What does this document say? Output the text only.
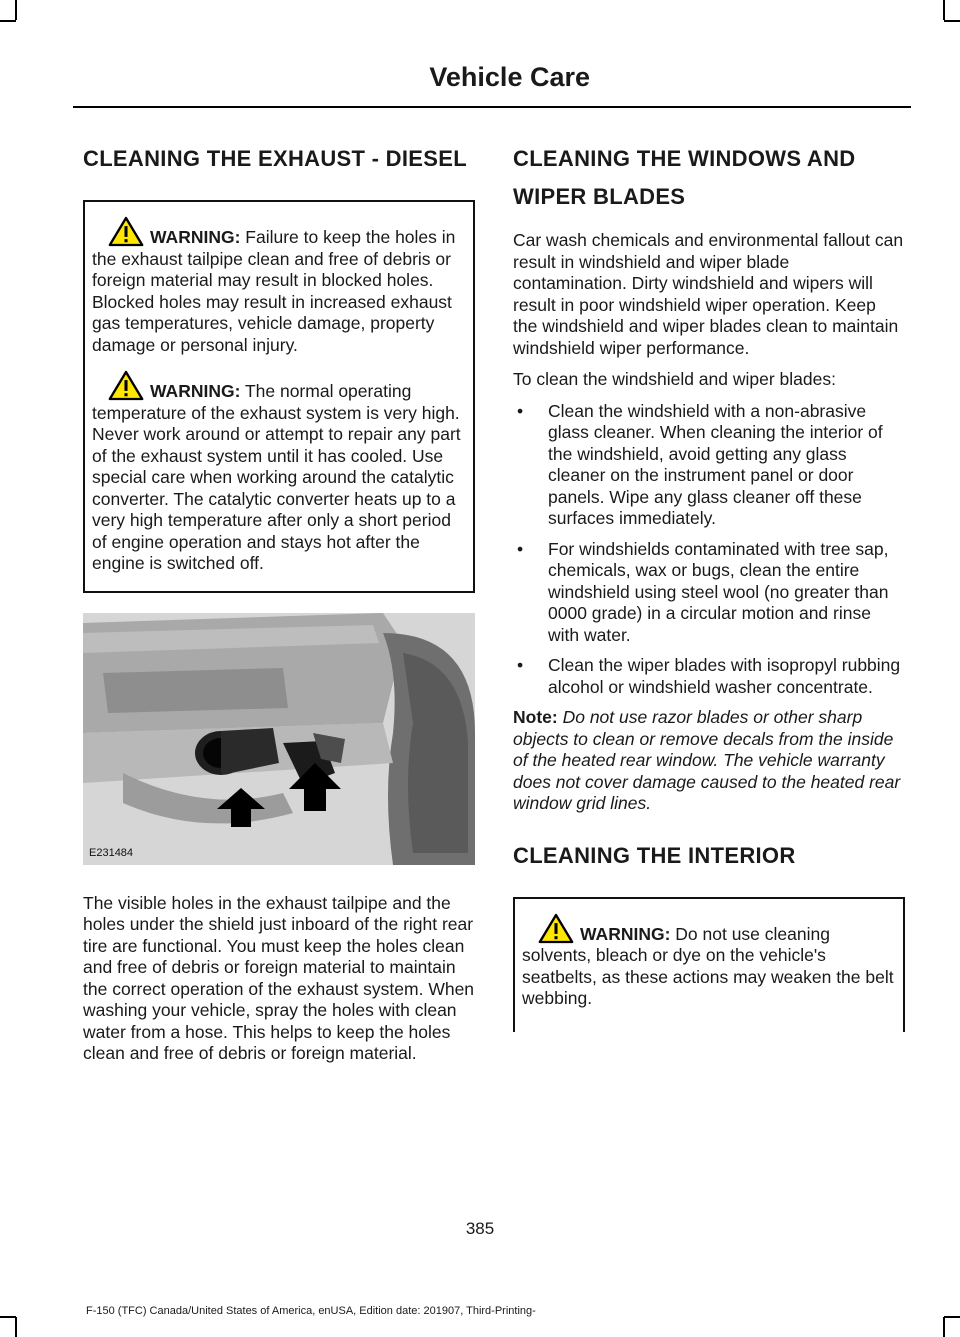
Vehicle Care
CLEANING THE EXHAUST - DIESEL

WARNING: Failure to keep the holes in the exhaust tailpipe clean and free of debris or foreign material may result in blocked holes. Blocked holes may result in increased exhaust gas temperatures, vehicle damage, property damage or personal injury.

WARNING: The normal operating temperature of the exhaust system is very high. Never work around or attempt to repair any part of the exhaust system until it has cooled. Use special care when working around the catalytic converter. The catalytic converter heats up to a very high temperature after only a short period of engine operation and stays hot after the engine is switched off.

E231484

The visible holes in the exhaust tailpipe and the holes under the shield just inboard of the right rear tire are functional. You must keep the holes clean and free of debris or foreign material to maintain the correct operation of the exhaust system. When washing your vehicle, spray the holes with clean water from a hose. This helps to keep the holes clean and free of debris or foreign material.

CLEANING THE WINDOWS AND WIPER BLADES

Car wash chemicals and environmental fallout can result in windshield and wiper blade contamination. Dirty windshield and wipers will result in poor windshield wiper operation. Keep the windshield and wiper blades clean to maintain windshield wiper performance.

To clean the windshield and wiper blades:

• Clean the windshield with a non-abrasive glass cleaner. When cleaning the interior of the windshield, avoid getting any glass cleaner on the instrument panel or door panels. Wipe any glass cleaner off these surfaces immediately.
• For windshields contaminated with tree sap, chemicals, wax or bugs, clean the entire windshield using steel wool (no greater than 0000 grade) in a circular motion and rinse with water.
• Clean the wiper blades with isopropyl rubbing alcohol or windshield washer concentrate.

Note: Do not use razor blades or other sharp objects to clean or remove decals from the inside of the heated rear window. The vehicle warranty does not cover damage caused to the heated rear window grid lines.

CLEANING THE INTERIOR

WARNING: Do not use cleaning solvents, bleach or dye on the vehicle's seatbelts, as these actions may weaken the belt webbing.

385

F-150 (TFC) Canada/United States of America, enUSA, Edition date: 201907, Third-Printing-
